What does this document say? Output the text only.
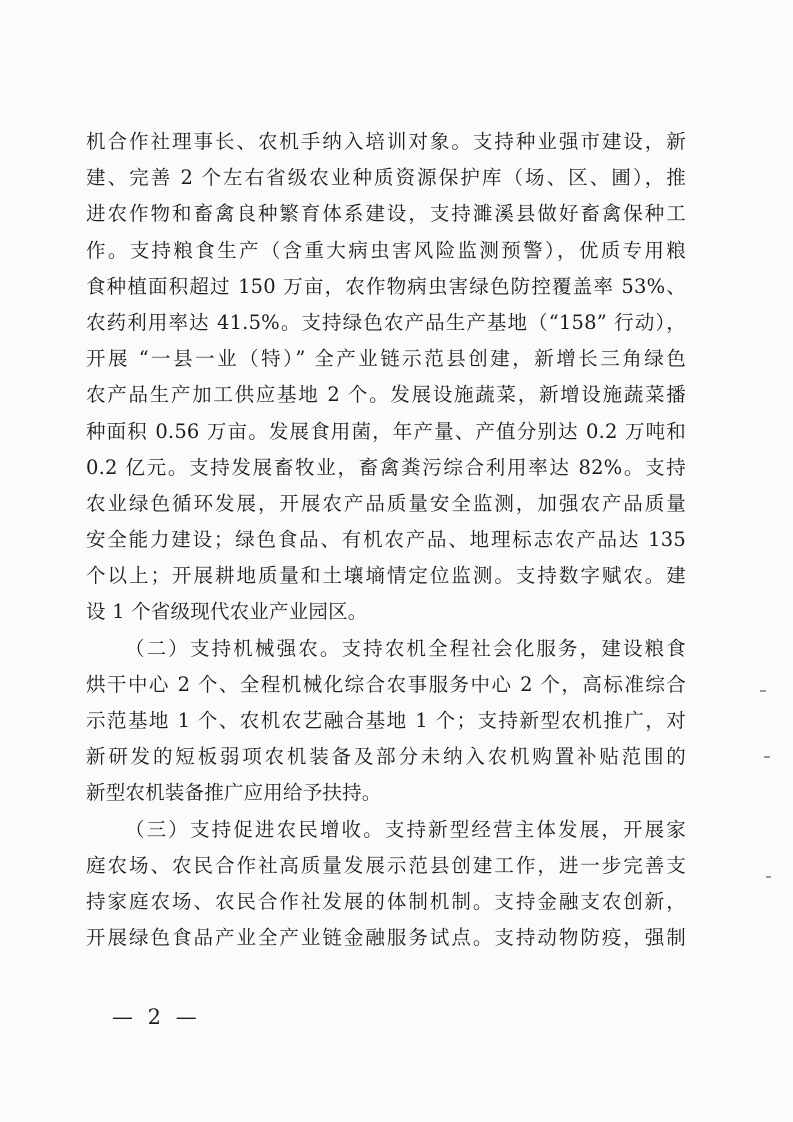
机合作社理事长、农机手纳入培训对象。支持种业强市建设，新
建、完善 2 个左右省级农业种质资源保护库（场、区、圃），推
进农作物和畜禽良种繁育体系建设，支持濉溪县做好畜禽保种工
作。支持粮食生产（含重大病虫害风险监测预警），优质专用粮
食种植面积超过 150 万亩，农作物病虫害绿色防控覆盖率 53%、
农药利用率达 41.5%。支持绿色农产品生产基地（“158” 行动），
开展 “一县一业（特）” 全产业链示范县创建，新增长三角绿色
农产品生产加工供应基地 2 个。发展设施蔬菜，新增设施蔬菜播
种面积 0.56 万亩。发展食用菌，年产量、产值分别达 0.2 万吨和
0.2 亿元。支持发展畜牧业，畜禽粪污综合利用率达 82%。支持
农业绿色循环发展，开展农产品质量安全监测，加强农产品质量
安全能力建设；绿色食品、有机农产品、地理标志农产品达 135
个以上；开展耕地质量和土壤墒情定位监测。支持数字赋农。建
设 1 个省级现代农业产业园区。
（二）支持机械强农。支持农机全程社会化服务，建设粮食
烘干中心 2 个、全程机械化综合农事服务中心 2 个，高标准综合
示范基地 1 个、农机农艺融合基地 1 个；支持新型农机推广，对
新研发的短板弱项农机装备及部分未纳入农机购置补贴范围的
新型农机装备推广应用给予扶持。
（三）支持促进农民增收。支持新型经营主体发展，开展家
庭农场、农民合作社高质量发展示范县创建工作，进一步完善支
持家庭农场、农民合作社发展的体制机制。支持金融支农创新，
开展绿色食品产业全产业链金融服务试点。支持动物防疫，强制
— 2 —
